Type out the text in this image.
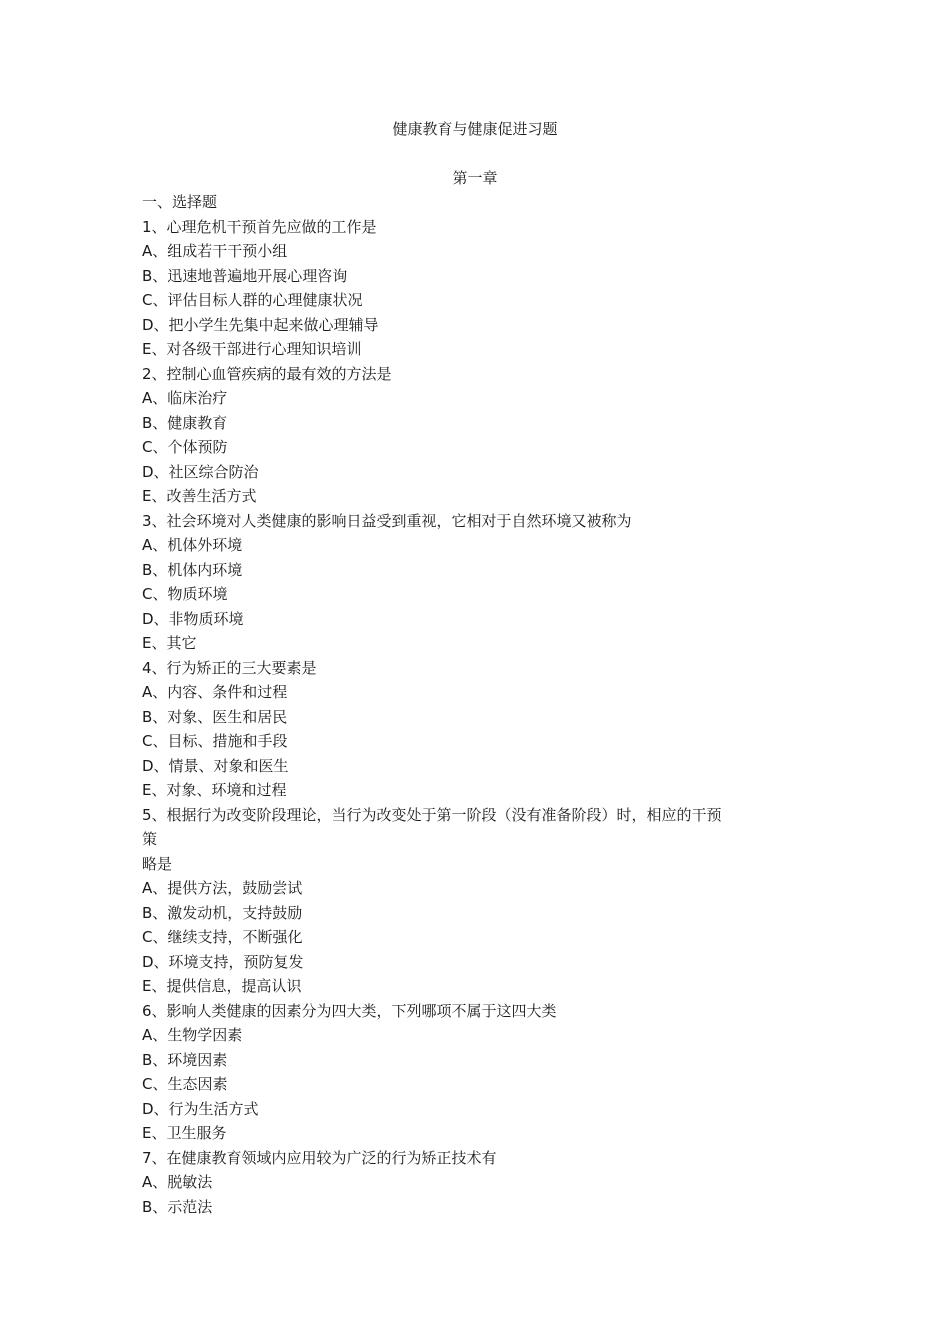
健康教育与健康促进习题
第一章

一、选择题

1、心理危机干预首先应做的工作是

A、组成若干干预小组

B、迅速地普遍地开展心理咨询

C、评估目标人群的心理健康状况

D、把小学生先集中起来做心理辅导

E、对各级干部进行心理知识培训

2、控制心血管疾病的最有效的方法是

A、临床治疗

B、健康教育

C、个体预防

D、社区综合防治

E、改善生活方式

3、社会环境对人类健康的影响日益受到重视，它相对于自然环境又被称为

A、机体外环境

B、机体内环境

C、物质环境

D、非物质环境

E、其它

4、行为矫正的三大要素是

A、内容、条件和过程

B、对象、医生和居民

C、目标、措施和手段

D、情景、对象和医生

E、对象、环境和过程

5、根据行为改变阶段理论，当行为改变处于第一阶段（没有准备阶段）时，相应的干预

策

略是

A、提供方法，鼓励尝试

B、激发动机，支持鼓励

C、继续支持，不断强化

D、环境支持，预防复发

E、提供信息，提高认识

6、影响人类健康的因素分为四大类，下列哪项不属于这四大类

A、生物学因素

B、环境因素

C、生态因素

D、行为生活方式

E、卫生服务

7、在健康教育领域内应用较为广泛的行为矫正技术有

A、脱敏法

B、示范法
